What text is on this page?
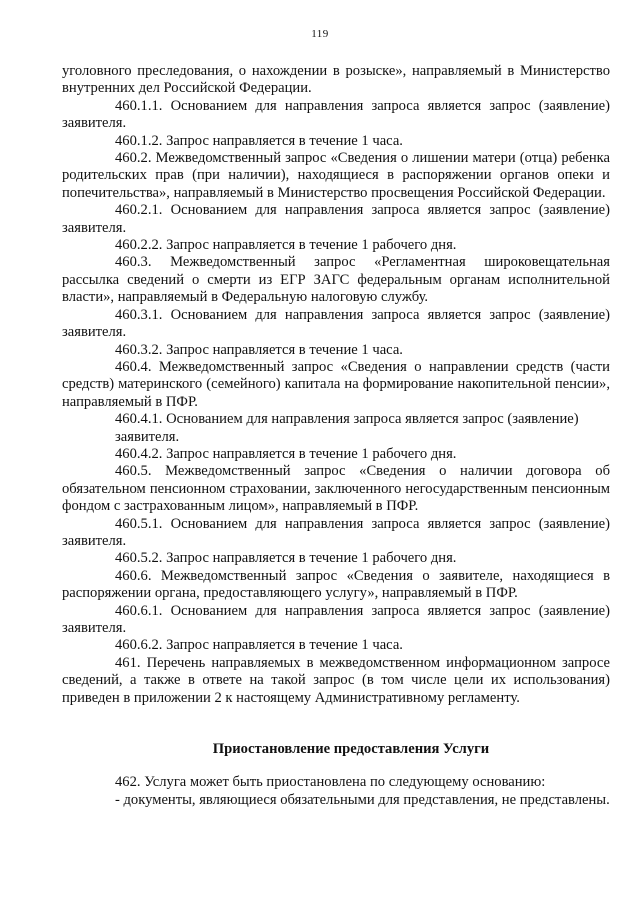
119

уголовного преследования, о нахождении в розыске», направляемый в Министерство внутренних дел Российской Федерации.

460.1.1. Основанием для направления запроса является запрос (заявление) заявителя.

460.1.2. Запрос направляется в течение 1 часа.

460.2. Межведомственный запрос «Сведения о лишении матери (отца) ребенка родительских прав (при наличии), находящиеся в распоряжении органов опеки и попечительства», направляемый в Министерство просвещения Российской Федерации.

460.2.1. Основанием для направления запроса является запрос (заявление) заявителя.

460.2.2. Запрос направляется в течение 1 рабочего дня.

460.3. Межведомственный запрос «Регламентная широковещательная рассылка сведений о смерти из ЕГР ЗАГС федеральным органам исполнительной власти», направляемый в Федеральную налоговую службу.

460.3.1. Основанием для направления запроса является запрос (заявление) заявителя.

460.3.2. Запрос направляется в течение 1 часа.

460.4. Межведомственный запрос «Сведения о направлении средств (части средств) материнского (семейного) капитала на формирование накопительной пенсии», направляемый в ПФР.

460.4.1. Основанием для направления запроса является запрос (заявление)

заявителя.

460.4.2. Запрос направляется в течение 1 рабочего дня.

460.5. Межведомственный запрос «Сведения о наличии договора об обязательном пенсионном страховании, заключенного негосударственным пенсионным фондом с застрахованным лицом», направляемый в ПФР.

460.5.1. Основанием для направления запроса является запрос (заявление) заявителя.

460.5.2. Запрос направляется в течение 1 рабочего дня.

460.6. Межведомственный запрос «Сведения о заявителе, находящиеся в распоряжении органа, предоставляющего услугу», направляемый в ПФР.

460.6.1. Основанием для направления запроса является запрос (заявление) заявителя.

460.6.2. Запрос направляется в течение 1 часа.

461. Перечень направляемых в межведомственном информационном запросе сведений, а также в ответе на такой запрос (в том числе цели их использования) приведен в приложении 2 к настоящему Административному регламенту.

Приостановление предоставления Услуги

462. Услуга может быть приостановлена по следующему основанию:

- документы, являющиеся обязательными для представления, не представлены.
